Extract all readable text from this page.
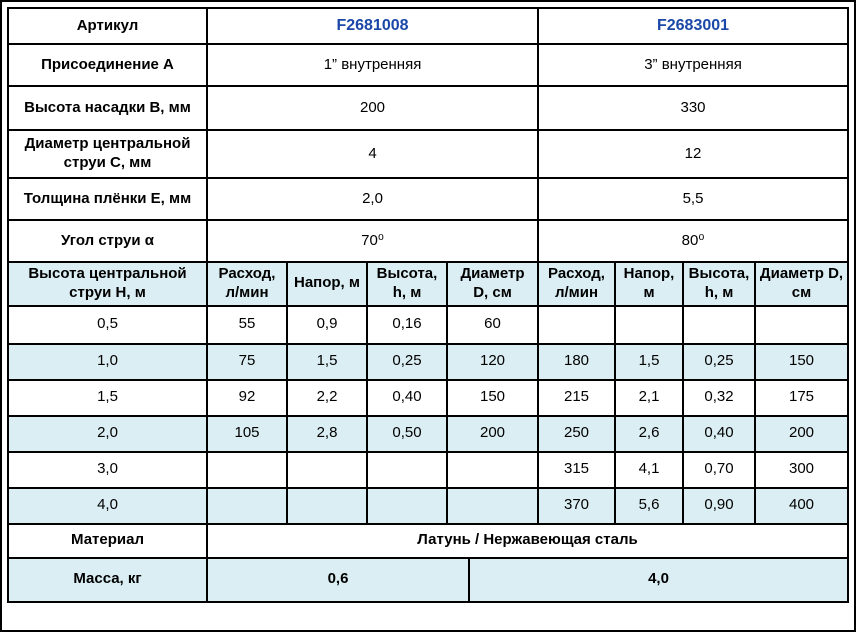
Артикул	F2681008				F2683001			
Присоединение А	1” внутренняя				3” внутренняя			
Высота насадки В, мм	200				330			
Диаметр центральной струи С, мм	4				12			
Толщина плёнки Е, мм	2,0				5,5			
Угол струи α	70⁰				80⁰			
Высота центральной струи Н, м	Расход, л/мин	Напор, м	Высота, h, м	Диаметр D, см	Расход, л/мин	Напор, м	Высота, h, м	Диаметр D, см
0,5	55	0,9	0,16	60				
1,0	75	1,5	0,25	120	180	1,5	0,25	150
1,5	92	2,2	0,40	150	215	2,1	0,32	175
2,0	105	2,8	0,50	200	250	2,6	0,40	200
3,0					315	4,1	0,70	300
4,0					370	5,6	0,90	400
Материал	Латунь / Нержавеющая сталь							
Масса, кг	0,6 4,0							
